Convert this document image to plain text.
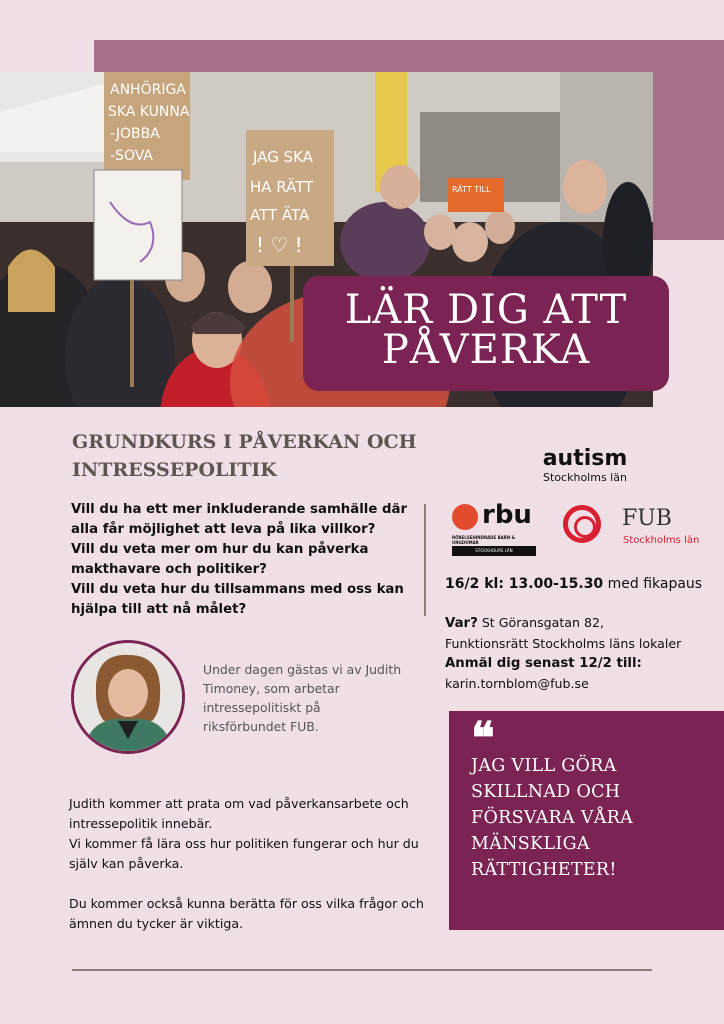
ANHÖRIGA
SKA KUNNA
-JOBBA
-SOVA	JAG SKA
HA RÄTT
ATT ÄTA
! ♡ !
RÄTT TILL
LÄR DIG ATT
PÅVERKA
GRUNDKURS I PÅVERKAN OCH INTRESSEPOLITIK
Vill du ha ett mer inkluderande samhälle där alla får möjlighet att leva på lika villkor?
Vill du veta mer om hur du kan påverka makthavare och politiker?
Vill du veta hur du tillsammans med oss kan hjälpa till att nå målet?
autism
Stockholms län
rbu
RÖRELSEHINDRADE BARN & UNGDOMAR
STOCKHOLMS LÄN
FUB
Stockholms län
16/2 kl: 13.00-15.30 med fikapaus
Var? St Göransgatan 82,
Funktionsrätt Stockholms läns lokaler
Anmäl dig senast 12/2 till:
karin.tornblom@fub.se
Under dagen gästas vi av Judith Timoney, som arbetar intressepolitiskt på riksförbundet FUB.
Judith kommer att prata om vad påverkansarbete och intressepolitik innebär.
Vi kommer få lära oss hur politiken fungerar och hur du själv kan påverka.
Du kommer också kunna berätta för oss vilka frågor och ämnen du tycker är viktiga.
❝
JAG VILL GÖRA SKILLNAD OCH FÖRSVARA VÅRA MÄNSKLIGA RÄTTIGHETER!
